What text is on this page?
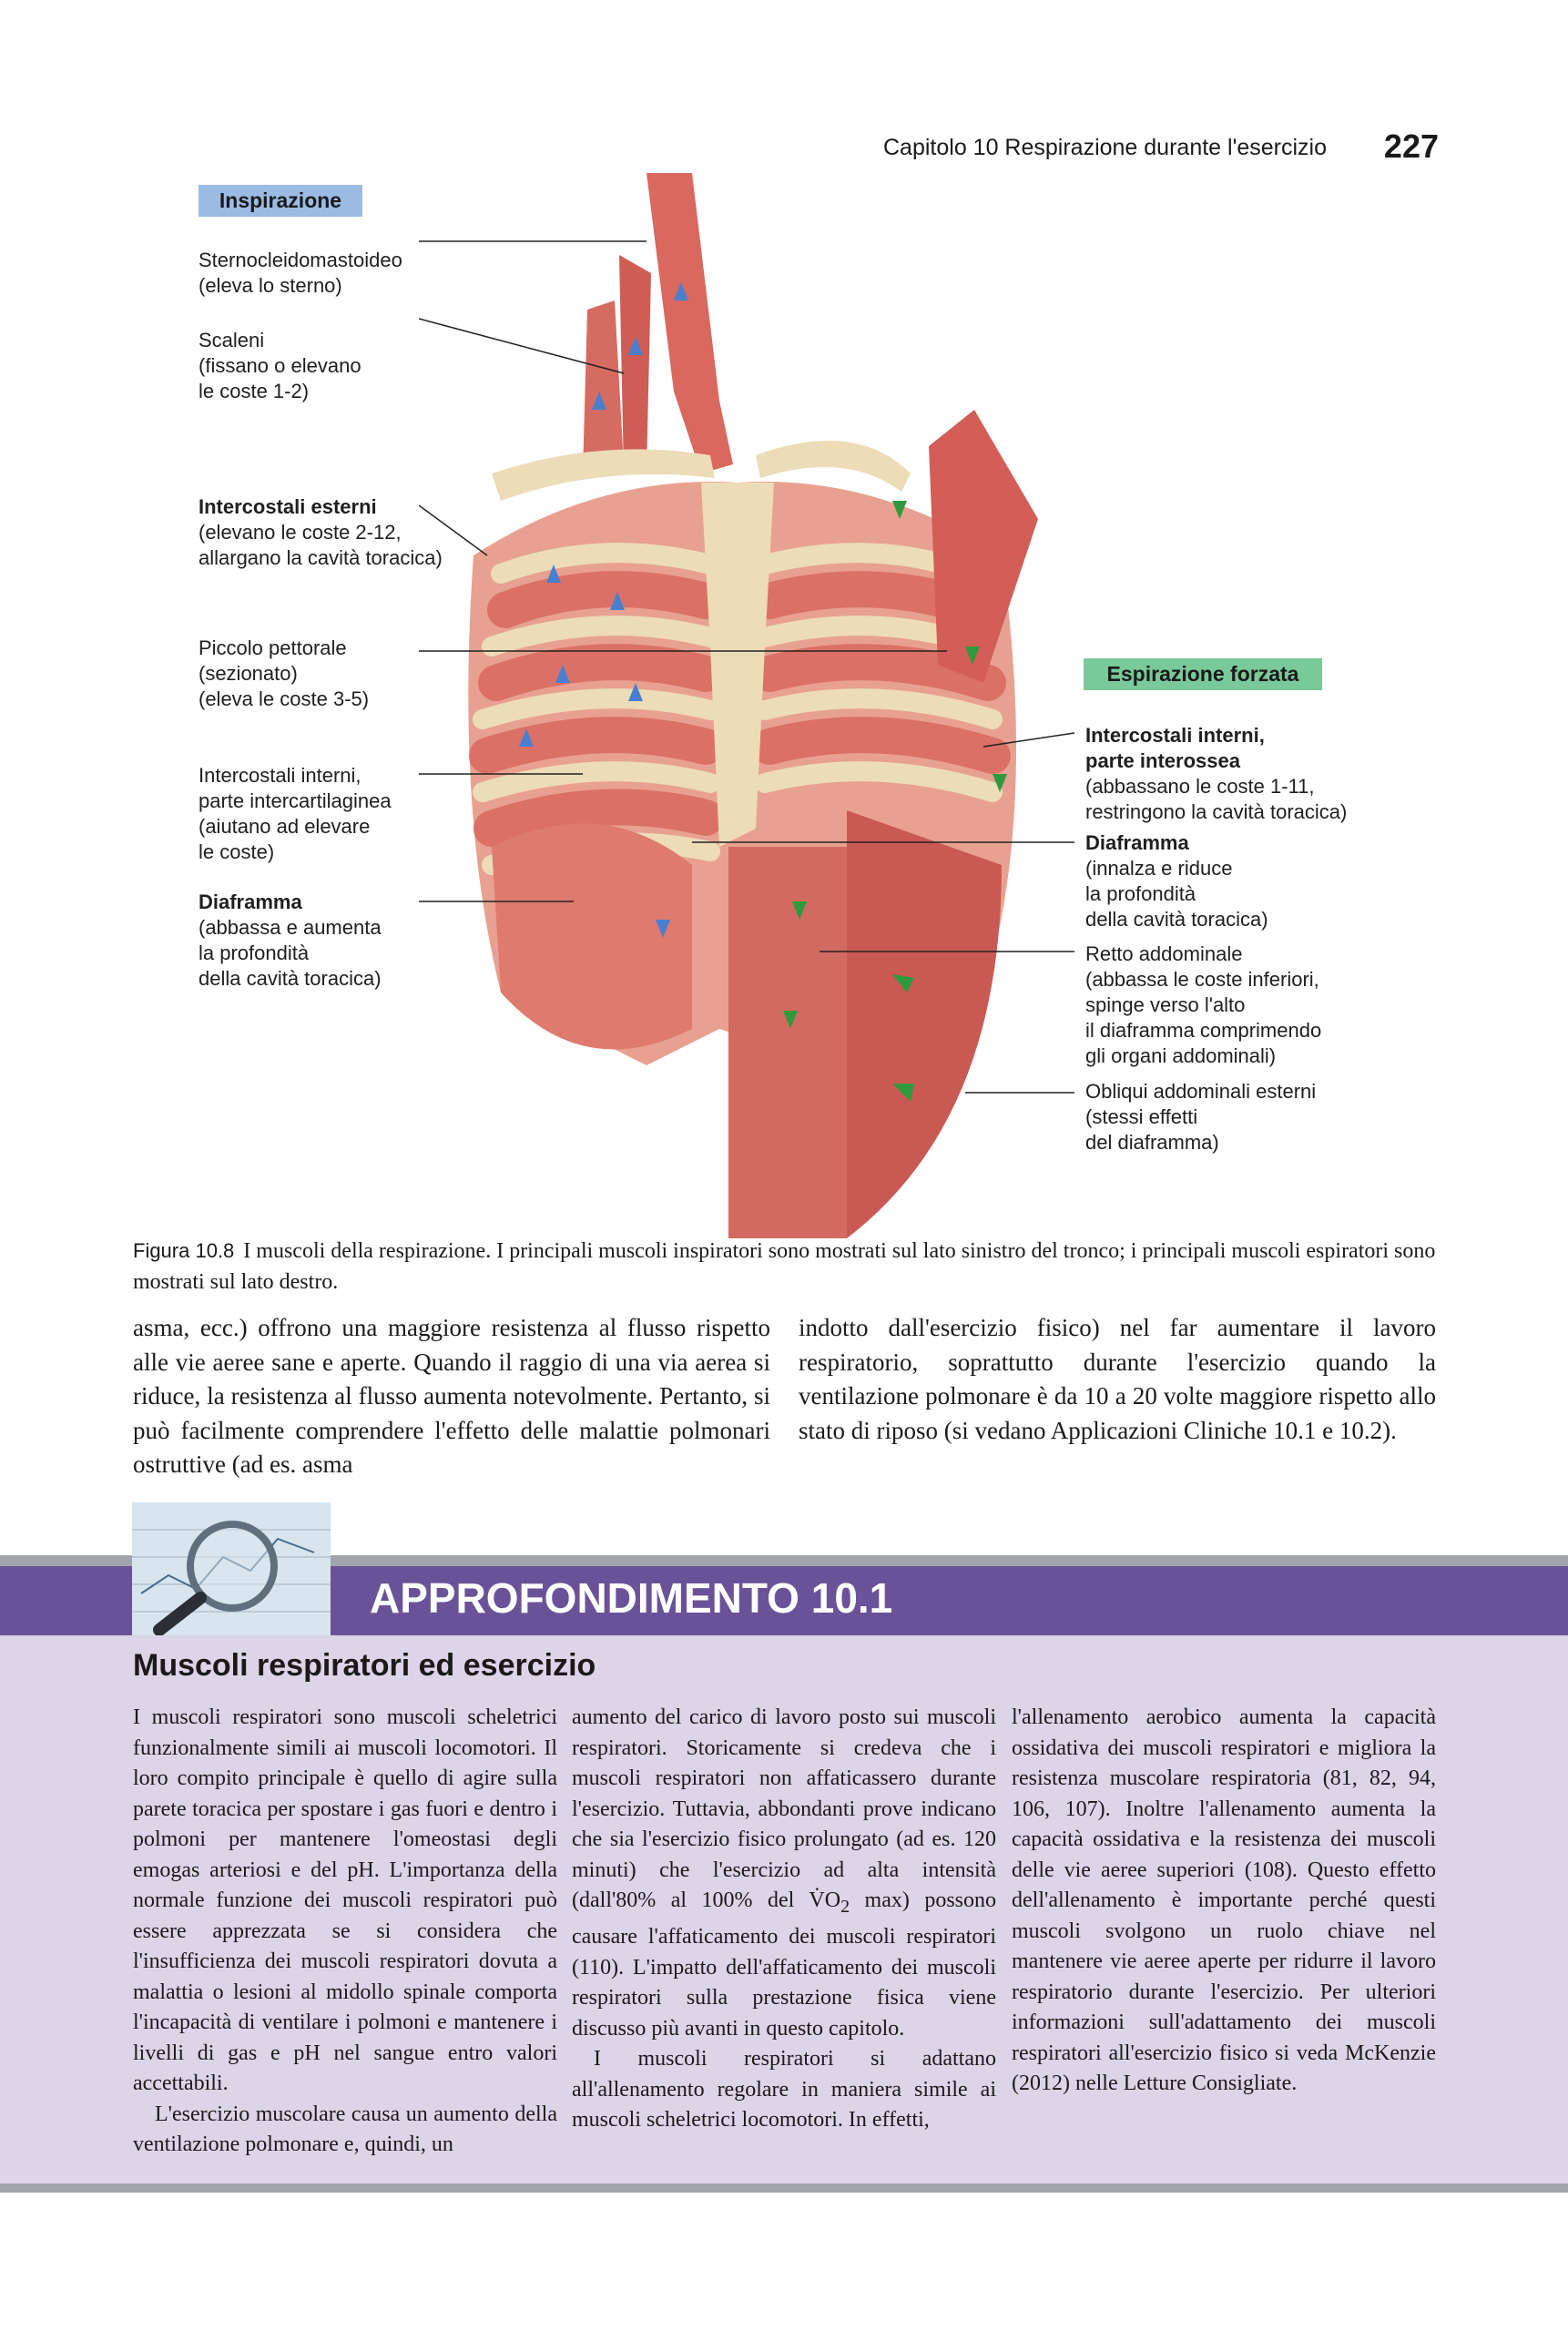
Capitolo 10 Respirazione durante l'esercizio 227
Inspirazione
Espirazione forzata
Sternocleidomastoideo
(eleva lo sterno)
Scaleni
(fissano o elevano
le coste 1-2)
Intercostali esterni
(elevano le coste 2-12,
allargano la cavità toracica)
Piccolo pettorale
(sezionato)
(eleva le coste 3-5)
Intercostali interni,
parte intercartilaginea
(aiutano ad elevare
le coste)
Diaframma
(abbassa e aumenta
la profondità
della cavità toracica)
Intercostali interni,
parte interossea
(abbassano le coste 1-11,
restringono la cavità toracica)
Diaframma
(innalza e riduce
la profondità
della cavità toracica)
Retto addominale
(abbassa le coste inferiori,
spinge verso l'alto
il diaframma comprimendo
gli organi addominali)
Obliqui addominali esterni
(stessi effetti
del diaframma)
Figura 10.8 I muscoli della respirazione. I principali muscoli inspiratori sono mostrati sul lato sinistro del tronco; i principali muscoli espiratori sono mostrati sul lato destro.
asma, ecc.) offrono una maggiore resistenza al flusso rispetto alle vie aeree sane e aperte. Quando il raggio di una via aerea si riduce, la resistenza al flusso aumenta notevolmente. Pertanto, si può facilmente comprendere l'effetto delle malattie polmonari ostruttive (ad es. asma
indotto dall'esercizio fisico) nel far aumentare il lavoro respiratorio, soprattutto durante l'esercizio quando la ventilazione polmonare è da 10 a 20 volte maggiore rispetto allo stato di riposo (si vedano Applicazioni Cliniche 10.1 e 10.2).
APPROFONDIMENTO 10.1
Muscoli respiratori ed esercizio
I muscoli respiratori sono muscoli scheletrici funzionalmente simili ai muscoli locomotori. Il loro compito principale è quello di agire sulla parete toracica per spostare i gas fuori e dentro i polmoni per mantenere l'omeostasi degli emogas arteriosi e del pH. L'importanza della normale funzione dei muscoli respiratori può essere apprezzata se si considera che l'insufficienza dei muscoli respiratori dovuta a malattia o lesioni al midollo spinale comporta l'incapacità di ventilare i polmoni e mantenere i livelli di gas e pH nel sangue entro valori accettabili.
L'esercizio muscolare causa un aumento della ventilazione polmonare e, quindi, un
aumento del carico di lavoro posto sui muscoli respiratori. Storicamente si credeva che i muscoli respiratori non affaticassero durante l'esercizio. Tuttavia, abbondanti prove indicano che sia l'esercizio fisico prolungato (ad es. 120 minuti) che l'esercizio ad alta intensità (dall'80% al 100% del $V̇O_2$ max) possono causare l'affaticamento dei muscoli respiratori (110). L'impatto dell'affaticamento dei muscoli respiratori sulla prestazione fisica viene discusso più avanti in questo capitolo.
I muscoli respiratori si adattano all'allenamento regolare in maniera simile ai muscoli scheletrici locomotori. In effetti,
l'allenamento aerobico aumenta la capacità ossidativa dei muscoli respiratori e migliora la resistenza muscolare respiratoria (81, 82, 94, 106, 107). Inoltre l'allenamento aumenta la capacità ossidativa e la resistenza dei muscoli delle vie aeree superiori (108). Questo effetto dell'allenamento è importante perché questi muscoli svolgono un ruolo chiave nel mantenere vie aeree aperte per ridurre il lavoro respiratorio durante l'esercizio. Per ulteriori informazioni sull'adattamento dei muscoli respiratori all'esercizio fisico si veda McKenzie (2012) nelle Letture Consigliate.
